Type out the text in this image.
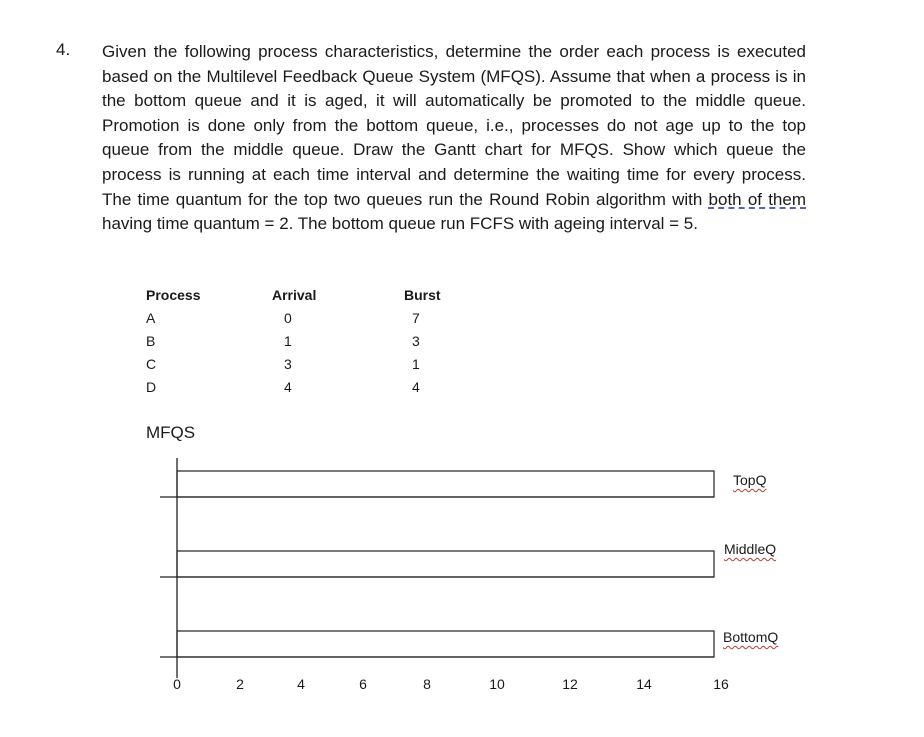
4. Given the following process characteristics, determine the order each process is executed based on the Multilevel Feedback Queue System (MFQS). Assume that when a process is in the bottom queue and it is aged, it will automatically be promoted to the middle queue. Promotion is done only from the bottom queue, i.e., processes do not age up to the top queue from the middle queue. Draw the Gantt chart for MFQS. Show which queue the process is running at each time interval and determine the waiting time for every process. The time quantum for the top two queues run the Round Robin algorithm with both of them having time quantum = 2. The bottom queue run FCFS with ageing interval = 5.

Process	Arrival	Burst
A	0	7
B	1	3
C	3	1
D	4	4
MFQS
TopQ
MiddleQ
BottomQ
0	2	4	6	8	10	12	14	16
